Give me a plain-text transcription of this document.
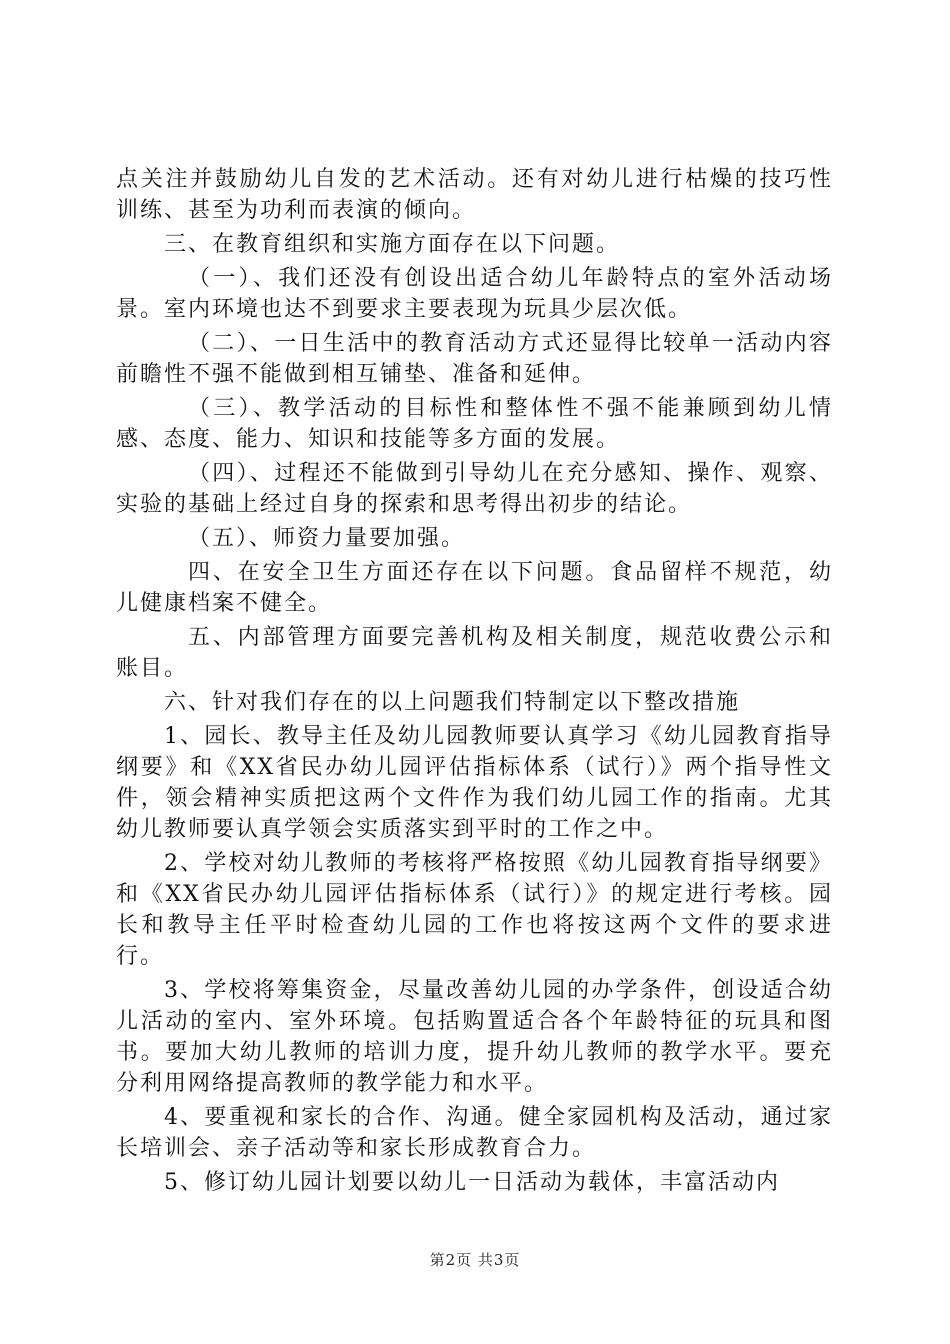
点关注并鼓励幼儿自发的艺术活动。还有对幼儿进行枯燥的技巧性训练、甚至为功利而表演的倾向。

三、在教育组织和实施方面存在以下问题。

（一）、我们还没有创设出适合幼儿年龄特点的室外活动场景。室内环境也达不到要求主要表现为玩具少层次低。

（二）、一日生活中的教育活动方式还显得比较单一活动内容前瞻性不强不能做到相互铺垫、准备和延伸。

（三）、教学活动的目标性和整体性不强不能兼顾到幼儿情感、态度、能力、知识和技能等多方面的发展。

（四）、过程还不能做到引导幼儿在充分感知、操作、观察、实验的基础上经过自身的探索和思考得出初步的结论。

（五）、师资力量要加强。

四、在安全卫生方面还存在以下问题。食品留样不规范，幼儿健康档案不健全。

五、内部管理方面要完善机构及相关制度，规范收费公示和账目。

六、针对我们存在的以上问题我们特制定以下整改措施

1、园长、教导主任及幼儿园教师要认真学习《幼儿园教育指导纲要》和《XX省民办幼儿园评估指标体系（试行）》两个指导性文件，领会精神实质把这两个文件作为我们幼儿园工作的指南。尤其幼儿教师要认真学领会实质落实到平时的工作之中。

2、学校对幼儿教师的考核将严格按照《幼儿园教育指导纲要》和《XX省民办幼儿园评估指标体系（试行）》的规定进行考核。园长和教导主任平时检查幼儿园的工作也将按这两个文件的要求进行。

3、学校将筹集资金，尽量改善幼儿园的办学条件，创设适合幼儿活动的室内、室外环境。包括购置适合各个年龄特征的玩具和图书。要加大幼儿教师的培训力度，提升幼儿教师的教学水平。要充分利用网络提高教师的教学能力和水平。

4、要重视和家长的合作、沟通。健全家园机构及活动，通过家长培训会、亲子活动等和家长形成教育合力。

5、修订幼儿园计划要以幼儿一日活动为载体，丰富活动内

第2页 共3页
